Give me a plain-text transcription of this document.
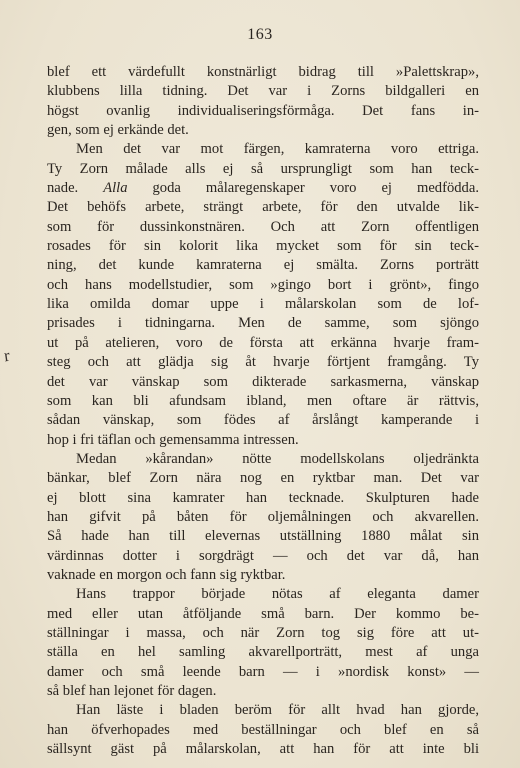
163
r
blef ett värdefullt konstnärligt bidrag till »Palettskrap»,
klubbens lilla tidning. Det var i Zorns bildgalleri en
högst ovanlig individualiseringsförmåga. Det fans in-
gen, som ej erkände det.
Men det var mot färgen, kamraterna voro ettriga.
Ty Zorn målade alls ej så ursprungligt som han teck-
nade. Alla goda målaregenskaper voro ej medfödda.
Det behöfs arbete, strängt arbete, för den utvalde lik-
som för dussinkonstnären. Och att Zorn offentligen
rosades för sin kolorit lika mycket som för sin teck-
ning, det kunde kamraterna ej smälta. Zorns porträtt
och hans modellstudier, som »gingo bort i grönt», fingo
lika omilda domar uppe i målarskolan som de lof-
prisades i tidningarna. Men de samme, som sjöngo
ut på atelieren, voro de första att erkänna hvarje fram-
steg och att glädja sig åt hvarje förtjent framgång. Ty
det var vänskap som dikterade sarkasmerna, vänskap
som kan bli afundsam ibland, men oftare är rättvis,
sådan vänskap, som födes af årslångt kamperande i
hop i fri täflan och gemensamma intressen.
Medan »kårandan» nötte modellskolans oljedränkta
bänkar, blef Zorn nära nog en ryktbar man. Det var
ej blott sina kamrater han tecknade. Skulpturen hade
han gifvit på båten för oljemålningen och akvarellen.
Så hade han till elevernas utställning 1880 målat sin
värdinnas dotter i sorgdrägt — och det var då, han
vaknade en morgon och fann sig ryktbar.
Hans trappor började nötas af eleganta damer
med eller utan åtföljande små barn. Der kommo be-
ställningar i massa, och när Zorn tog sig före att ut-
ställa en hel samling akvarellporträtt, mest af unga
damer och små leende barn — i »nordisk konst» —
så blef han lejonet för dagen.
Han läste i bladen beröm för allt hvad han gjorde,
han öfverhopades med beställningar och blef en så
sällsynt gäst på målarskolan, att han för att inte bli
